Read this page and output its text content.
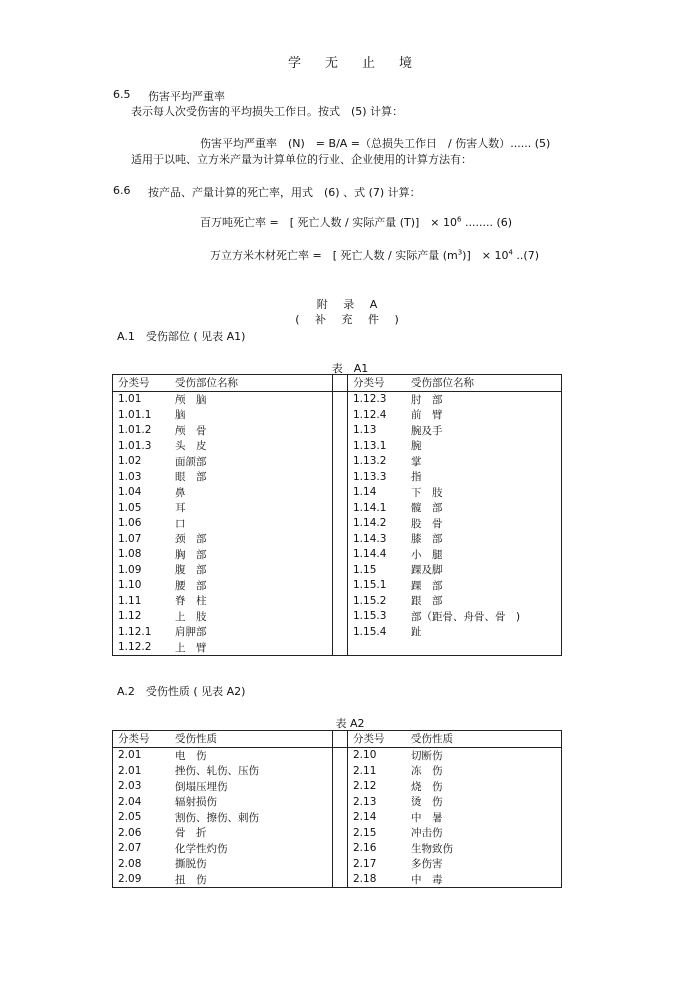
学无止境
6.5 伤害平均严重率
表示每人次受伤害的平均损失工作日。按式　(5) 计算：
伤害平均严重率　(N)　= B/A =（总损失工作日　/ 伤害人数）...... (5)
适用于以吨、立方米产量为计算单位的行业、企业使用的计算方法有：
6.6 按产品、产量计算的死亡率，用式　(6) 、式 (7) 计算：
百万吨死亡率 =　[ 死亡人数 / 实际产量 (T)]　× $10^6$ ........ (6)
万立方米木材死亡率 =　[ 死亡人数 / 实际产量 $(m^3)$]　× $10^4$ ..(7)
附 录 A
( 补 充 件 )
A.1　受伤部位 ( 见表 A1)
表　A1
分类号	受伤部位名称		分类号	受伤部位名称
1.01	颅　脑		1.12.3	肘　部
1.01.1	脑		1.12.4	前　臂
1.01.2	颅　骨		1.13	腕及手
1.01.3	头　皮		1.13.1	腕
1.02	面颌部		1.13.2	掌
1.03	眼　部		1.13.3	指
1.04	鼻		1.14	下　肢
1.05	耳		1.14.1	髋　部
1.06	口		1.14.2	股　骨
1.07	颈　部		1.14.3	膝　部
1.08	胸　部		1.14.4	小　腿
1.09	腹　部		1.15	踝及脚
1.10	腰　部		1.15.1	踝　部
1.11	脊　柱		1.15.2	跟　部
1.12	上　肢		1.15.3	部（距骨、舟骨、骨　)
1.12.1	肩胛部		1.15.4	趾
1.12.2	上　臂			
A.2　受伤性质 ( 见表 A2)
表 A2
分类号	受伤性质		分类号	受伤性质
2.01	电　伤		2.10	切断伤
2.01	挫伤、轧伤、压伤		2.11	冻　伤
2.03	倒塌压埋伤		2.12	烧　伤
2.04	辐射损伤		2.13	烫　伤
2.05	割伤、擦伤、刺伤		2.14	中　暑
2.06	骨　折		2.15	冲击伤
2.07	化学性灼伤		2.16	生物致伤
2.08	撕脱伤		2.17	多伤害
2.09	扭　伤		2.18	中　毒
